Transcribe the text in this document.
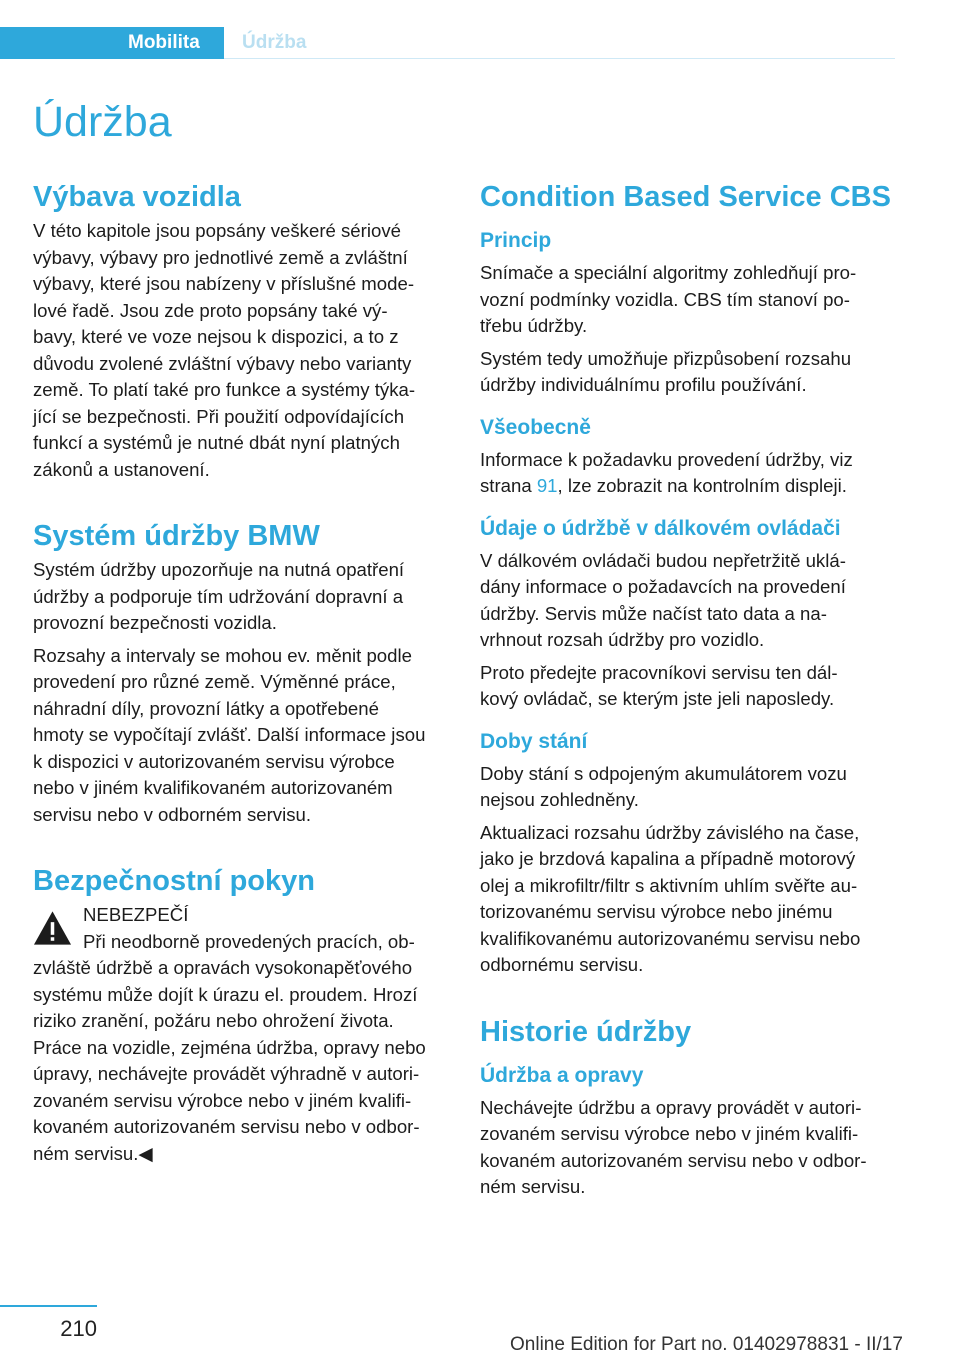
Mobilita Údržba
Údržba
Výbava vozidla

V této kapitole jsou popsány veškeré sériové
výbavy, výbavy pro jednotlivé země a zvláštní
výbavy, které jsou nabízeny v příslušné mode‐
lové řadě. Jsou zde proto popsány také vý‐
bavy, které ve voze nejsou k dispozici, a to z
důvodu zvolené zvláštní výbavy nebo varianty
země. To platí také pro funkce a systémy týka‐
jící se bezpečnosti. Při použití odpovídajících
funkcí a systémů je nutné dbát nyní platných
zákonů a ustanovení.

Systém údržby BMW

Systém údržby upozorňuje na nutná opatření
údržby a podporuje tím udržování dopravní a
provozní bezpečnosti vozidla.

Rozsahy a intervaly se mohou ev. měnit podle
provedení pro různé země. Výměnné práce,
náhradní díly, provozní látky a opotřebené
hmoty se vypočítají zvlášť. Další informace jsou
k dispozici v autorizovaném servisu výrobce
nebo v jiném kvalifikovaném autorizovaném
servisu nebo v odborném servisu.

Bezpečnostní pokyn
NEBEZPEČÍ

Při neodborně provedených pracích, ob‐

zvláště údržbě a opravách vysokonapěťového
systému může dojít k úrazu el. proudem. Hrozí
riziko zranění, požáru nebo ohrožení života.
Práce na vozidle, zejména údržba, opravy nebo
úpravy, nechávejte provádět výhradně v autori‐
zovaném servisu výrobce nebo v jiném kvalifi‐
kovaném autorizovaném servisu nebo v odbor‐
ném servisu.◀

Condition Based Service CBS
Princip

Snímače a speciální algoritmy zohledňují pro‐
vozní podmínky vozidla. CBS tím stanoví po‐
třebu údržby.

Systém tedy umožňuje přizpůsobení rozsahu
údržby individuálnímu profilu používání.

Všeobecně

Informace k požadavku provedení údržby, viz
strana 91, lze zobrazit na kontrolním displeji.

Údaje o údržbě v dálkovém ovládači

V dálkovém ovládači budou nepřetržitě uklá‐
dány informace o požadavcích na provedení
údržby. Servis může načíst tato data a na‐
vrhnout rozsah údržby pro vozidlo.

Proto předejte pracovníkovi servisu ten dál‐
kový ovládač, se kterým jste jeli naposledy.

Doby stání

Doby stání s odpojeným akumulátorem vozu
nejsou zohledněny.

Aktualizaci rozsahu údržby závislého na čase,
jako je brzdová kapalina a případně motorový
olej a mikrofiltr/filtr s aktivním uhlím svěřte au‐
torizovanému servisu výrobce nebo jinému
kvalifikovanému autorizovanému servisu nebo
odbornému servisu.

Historie údržby
Údržba a opravy

Nechávejte údržbu a opravy provádět v autori‐
zovaném servisu výrobce nebo v jiném kvalifi‐
kovaném autorizovaném servisu nebo v odbor‐
ném servisu.

210
Online Edition for Part no. 01402978831 - II/17
